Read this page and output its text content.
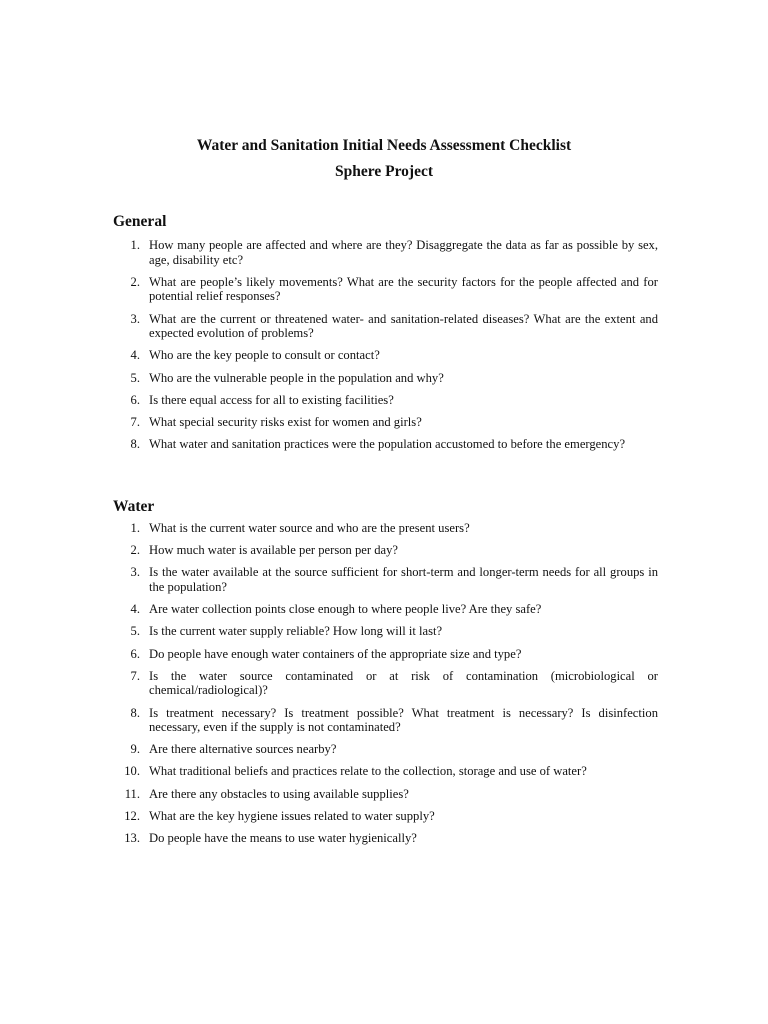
Water and Sanitation Initial Needs Assessment Checklist
Sphere Project
General
1. How many people are affected and where are they? Disaggregate the data as far as possible by sex, age, disability etc?
2. What are people’s likely movements? What are the security factors for the people affected and for potential relief responses?
3. What are the current or threatened water- and sanitation-related diseases? What are the extent and expected evolution of problems?
4. Who are the key people to consult or contact?
5. Who are the vulnerable people in the population and why?
6. Is there equal access for all to existing facilities?
7. What special security risks exist for women and girls?
8. What water and sanitation practices were the population accustomed to before the emergency?
Water
1. What is the current water source and who are the present users?
2. How much water is available per person per day?
3. Is the water available at the source sufficient for short-term and longer-term needs for all groups in the population?
4. Are water collection points close enough to where people live? Are they safe?
5. Is the current water supply reliable? How long will it last?
6. Do people have enough water containers of the appropriate size and type?
7. Is the water source contaminated or at risk of contamination (microbiological or chemical/radiological)?
8. Is treatment necessary? Is treatment possible? What treatment is necessary? Is disinfection necessary, even if the supply is not contaminated?
9. Are there alternative sources nearby?
10. What traditional beliefs and practices relate to the collection, storage and use of water?
11. Are there any obstacles to using available supplies?
12. What are the key hygiene issues related to water supply?
13. Do people have the means to use water hygienically?
